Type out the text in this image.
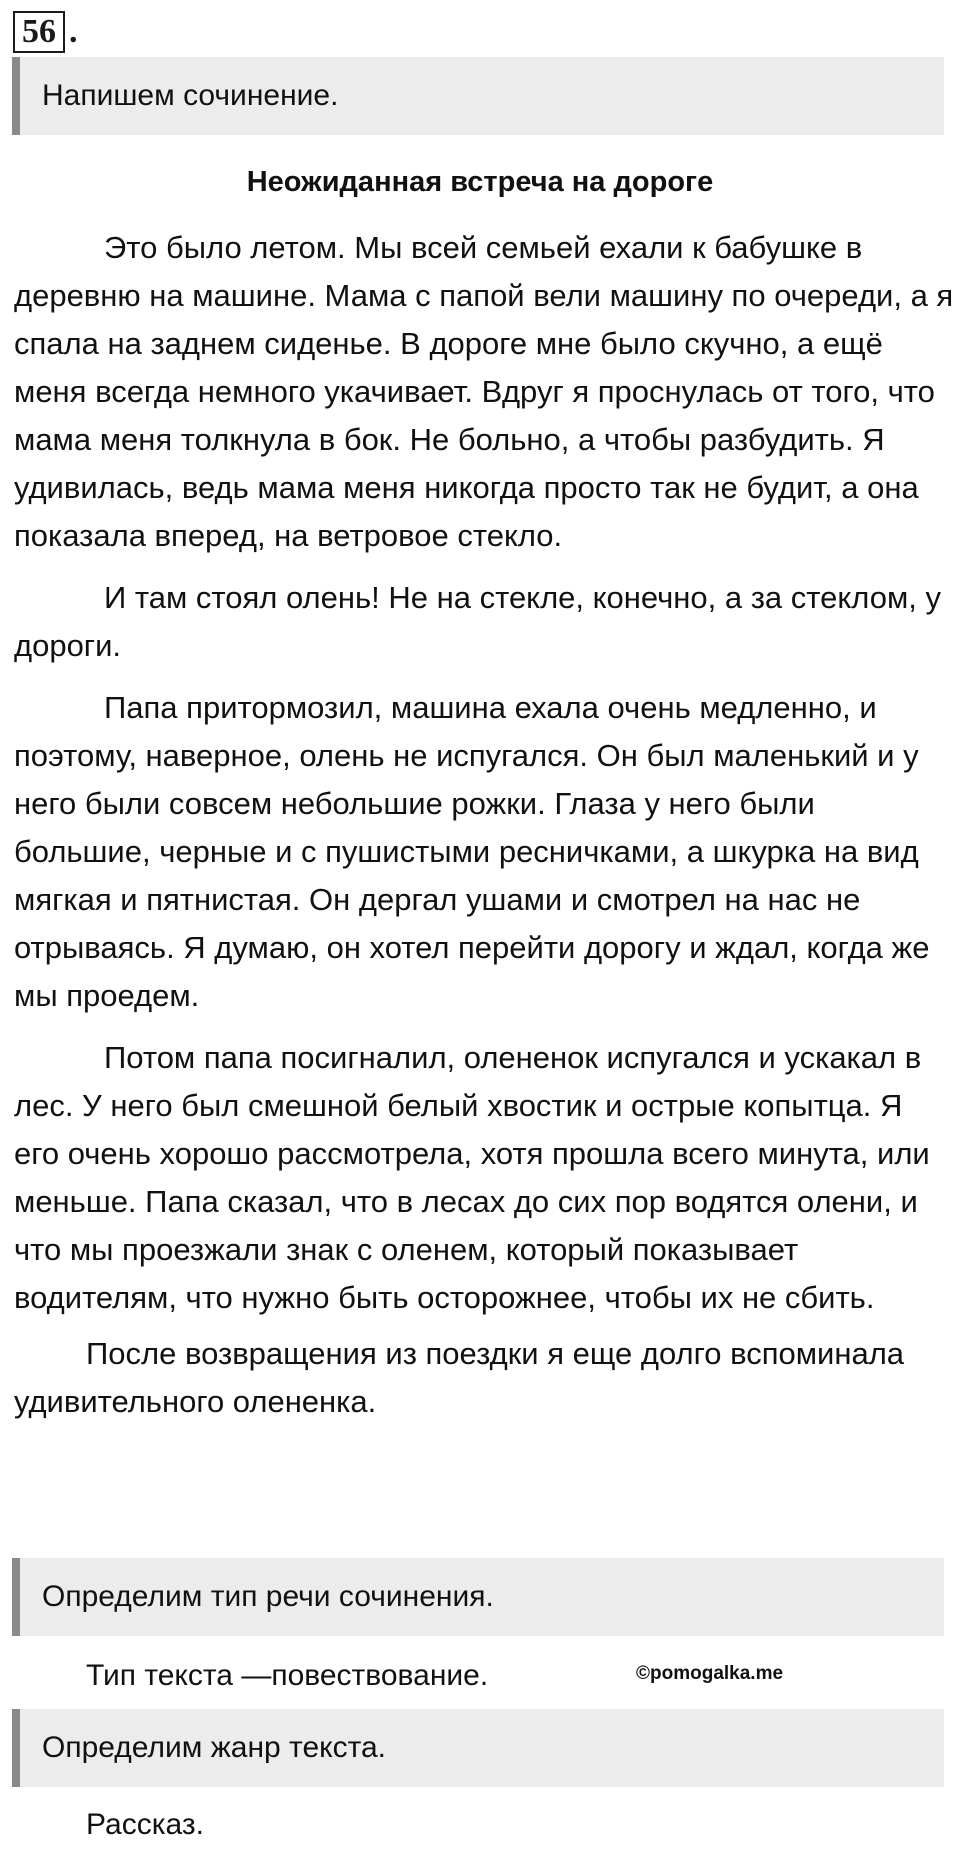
56 .
Напишем сочинение.
Неожиданная встреча на дороге

Это было летом. Мы всей семьей ехали к бабушке в деревню на машине. Мама с папой вели машину по очереди, а я спала на заднем сиденье. В дороге мне было скучно, а ещё меня всегда немного укачивает. Вдруг я проснулась от того, что мама меня толкнула в бок. Не больно, а чтобы разбудить. Я удивилась, ведь мама меня никогда просто так не будит, а она показала вперед, на ветровое стекло.

И там стоял олень! Не на стекле, конечно, а за стеклом, у дороги.

Папа притормозил, машина ехала очень медленно, и поэтому, наверное, олень не испугался. Он был маленький и у него были совсем небольшие рожки. Глаза у него были большие, черные и с пушистыми ресничками, а шкурка на вид мягкая и пятнистая. Он дергал ушами и смотрел на нас не отрываясь. Я думаю, он хотел перейти дорогу и ждал, когда же мы проедем.

Потом папа посигналил, олененок испугался и ускакал в лес. У него был смешной белый хвостик и острые копытца. Я его очень хорошо рассмотрела, хотя прошла всего минута, или меньше. Папа сказал, что в лесах до сих пор водятся олени, и что мы проезжали знак с оленем, который показывает водителям, что нужно быть осторожнее, чтобы их не сбить.

После возвращения из поездки я еще долго вспоминала удивительного олененка.

Определим тип речи сочинения.
Тип текста —повествование.	©pomogalka.me
Определим жанр текста.
Рассказ.
